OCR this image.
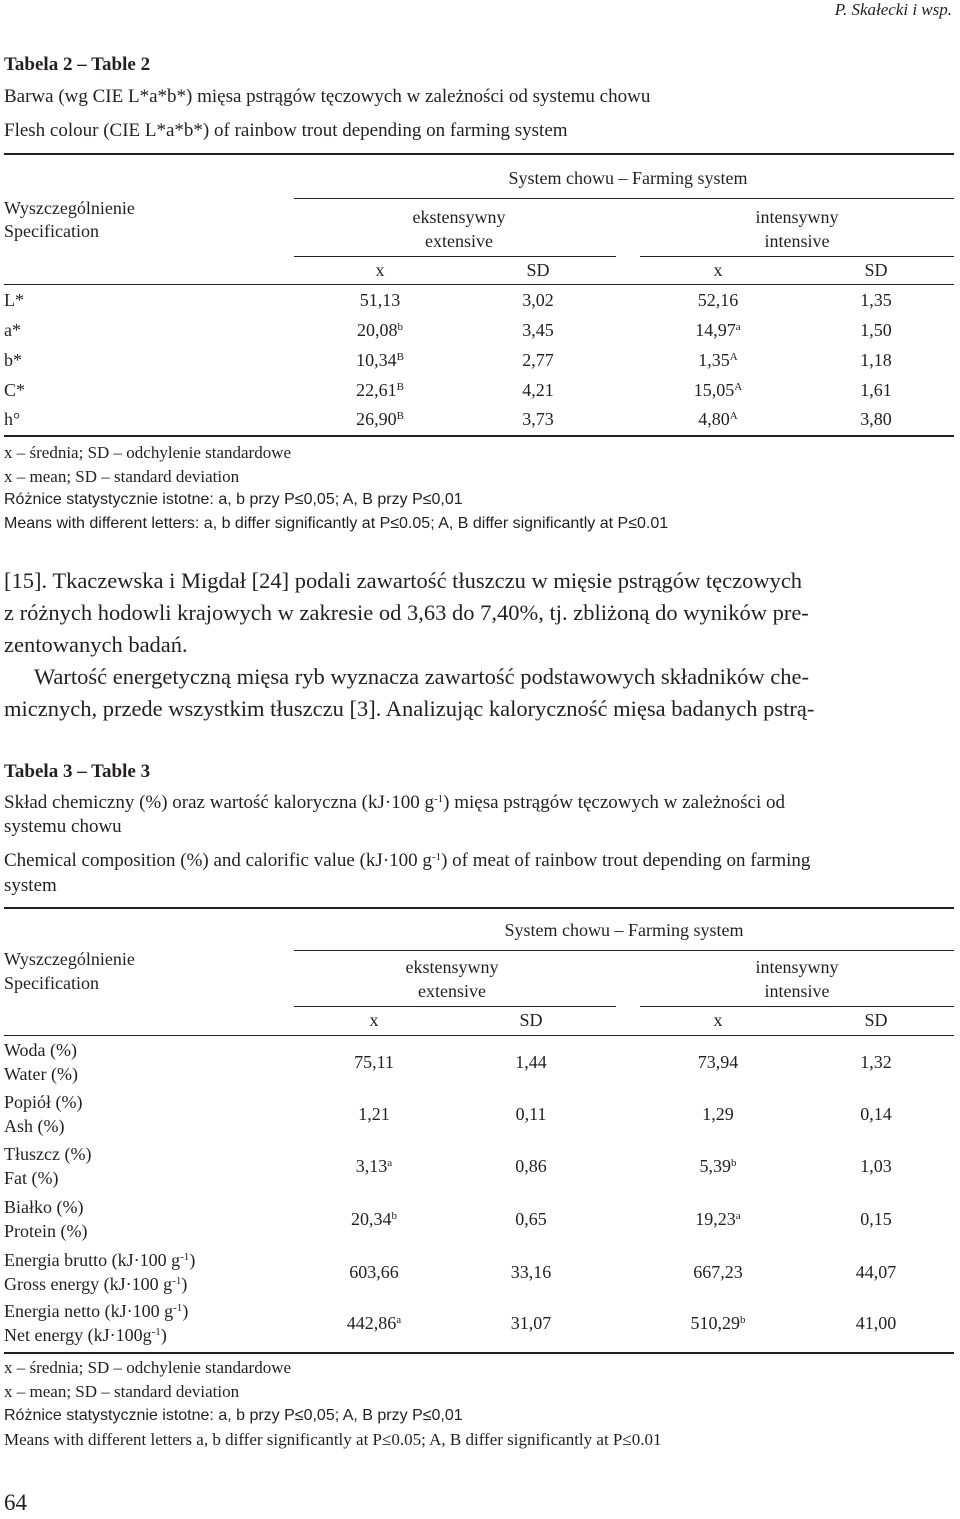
P. Skałecki i wsp.
Tabela 2 – Table 2
Barwa (wg CIE L*a*b*) mięsa pstrągów tęczowych w zależności od systemu chowu
Flesh colour (CIE L*a*b*) of rainbow trout depending on farming system
System chowu – Farming system
Wyszczególnienie
Specification
ekstensywny
extensive
intensywny
intensive
x	SD	x	SD
L*	51,13	3,02	52,16	1,35
a*	20,08$^b$	3,45	14,97$^a$	1,50
b*	$10,34^B$	2,77	$1,35^A$	1,18
C*	$22,61^B$	4,21	$15,05^A$	1,61
h°	$26,90^B$	3,73	$4,80^A$	3,80
x – średnia; SD – odchylenie standardowe
x – mean; SD – standard deviation
Różnice statystycznie istotne: a, b przy P≤0,05; A, B przy P≤0,01
Means with different letters: a, b differ significantly at P≤0.05; A, B differ significantly at P≤0.01
[15]. Tkaczewska i Migdał [24] podali zawartość tłuszczu w mięsie pstrągów tęczowych
z różnych hodowli krajowych w zakresie od 3,63 do 7,40%, tj. zbliżoną do wyników pre-
zentowanych badań.
Wartość energetyczną mięsa ryb wyznacza zawartość podstawowych składników che-
micznych, przede wszystkim tłuszczu [3]. Analizując kaloryczność mięsa badanych pstrą-
Tabela 3 – Table 3
Skład chemiczny (%) oraz wartość kaloryczna (kJ·100 $g^{-1}$) mięsa pstrągów tęczowych w zależności od
systemu chowu
Chemical composition (%) and calorific value (kJ·100 $g^{-1}$) of meat of rainbow trout depending on farming
system
System chowu – Farming system
Wyszczególnienie
Specification
ekstensywny
extensive
intensywny
intensive
x	SD	x	SD
Woda (%)
Water (%)
75,11	1,44	73,94	1,32
Popiół (%)
Ash (%)
1,21	0,11	1,29	0,14
Tłuszcz (%)
Fat (%)
3,13$^a$	0,86	5,39$^b$	1,03
Białko (%)
Protein (%)
20,34$^b$	0,65	19,23$^a$	0,15
Energia brutto (kJ·100 $g^{-1}$)
Gross energy (kJ·100 $g^{-1}$)
603,66	33,16	667,23	44,07
Energia netto (kJ·100 $g^{-1}$)
Net energy $(kJ\cdot 100g^{-1})$
442,86$^a$	31,07	510,29$^b$	41,00
x – średnia; SD – odchylenie standardowe
x – mean; SD – standard deviation
Różnice statystycznie istotne: a, b przy P≤0,05; A, B przy P≤0,01
Means with different letters a, b differ significantly at P≤0.05; A, B differ significantly at P≤0.01
64
